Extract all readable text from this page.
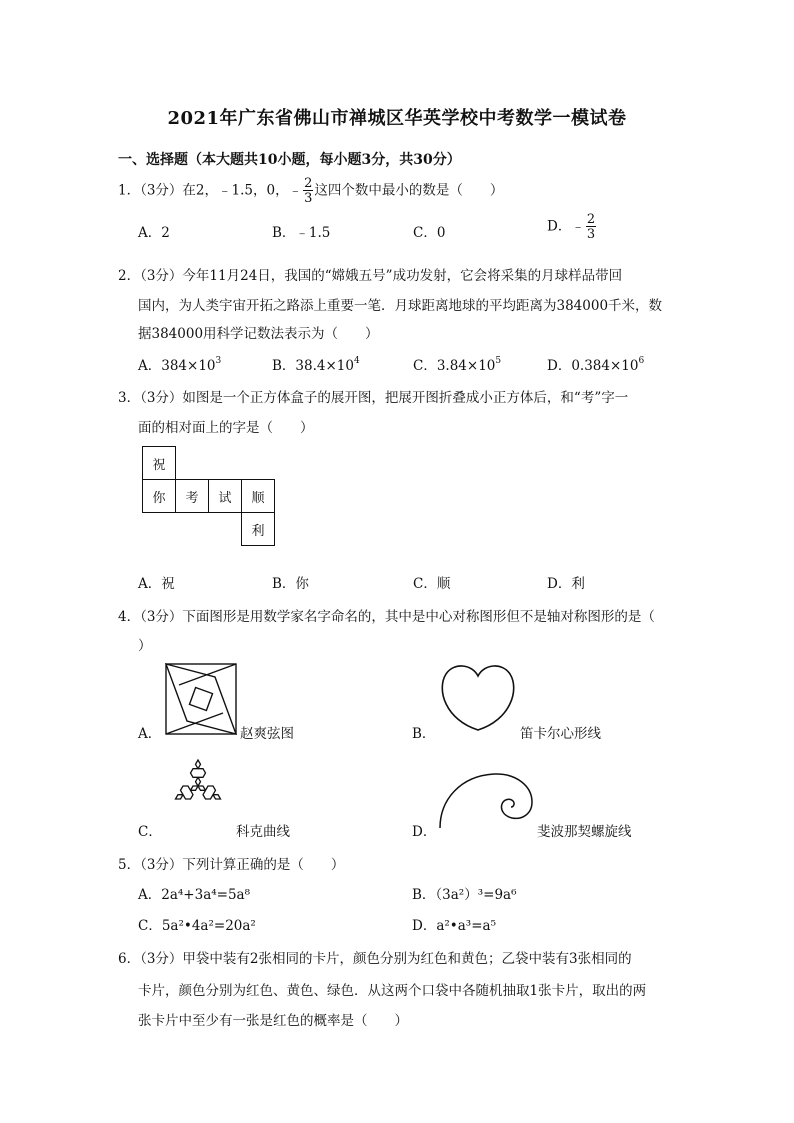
2021年广东省佛山市禅城区华英学校中考数学一模试卷
一、选择题（本大题共10小题，每小题3分，共30分）
1．（3分）在2，﹣1.5，0，﹣ $\frac{2}{3}$ 这四个数中最小的数是（　　）
A．2	B．﹣1.5	C．0	D．﹣ $\frac{2}{3}$
2．（3分）今年11月24日，我国的“嫦娥五号”成功发射，它会将采集的月球样品带回
国内，为人类宇宙开拓之路添上重要一笔．月球距离地球的平均距离为384000千米，数
据384000用科学记数法表示为（　　）
A．$384\times 10^3$	B．$38.4\times 10^4$	C．$3.84\times 10^5$	D．$0.384\times 10^6$
3．（3分）如图是一个正方体盒子的展开图，把展开图折叠成小正方体后，和“考”字一
面的相对面上的字是（　　）
祝			
你	考	试	顺
			利
A．祝	B．你	C．顺	D．利
4．（3分）下面图形是用数学家名字命名的，其中是中心对称图形但不是轴对称图形的是（
）
A．	赵爽弦图	B．	笛卡尔心形线
C．	科克曲线	D．	斐波那契螺旋线
5．（3分）下列计算正确的是（　　）
A．2a⁴+3a⁴=5a⁸	B．（3a²）³=9a⁶
C．5a²•4a²=20a²	D．a²•a³=a⁵
6．（3分）甲袋中装有2张相同的卡片，颜色分别为红色和黄色；乙袋中装有3张相同的
卡片，颜色分别为红色、黄色、绿色．从这两个口袋中各随机抽取1张卡片，取出的两
张卡片中至少有一张是红色的概率是（　　）
